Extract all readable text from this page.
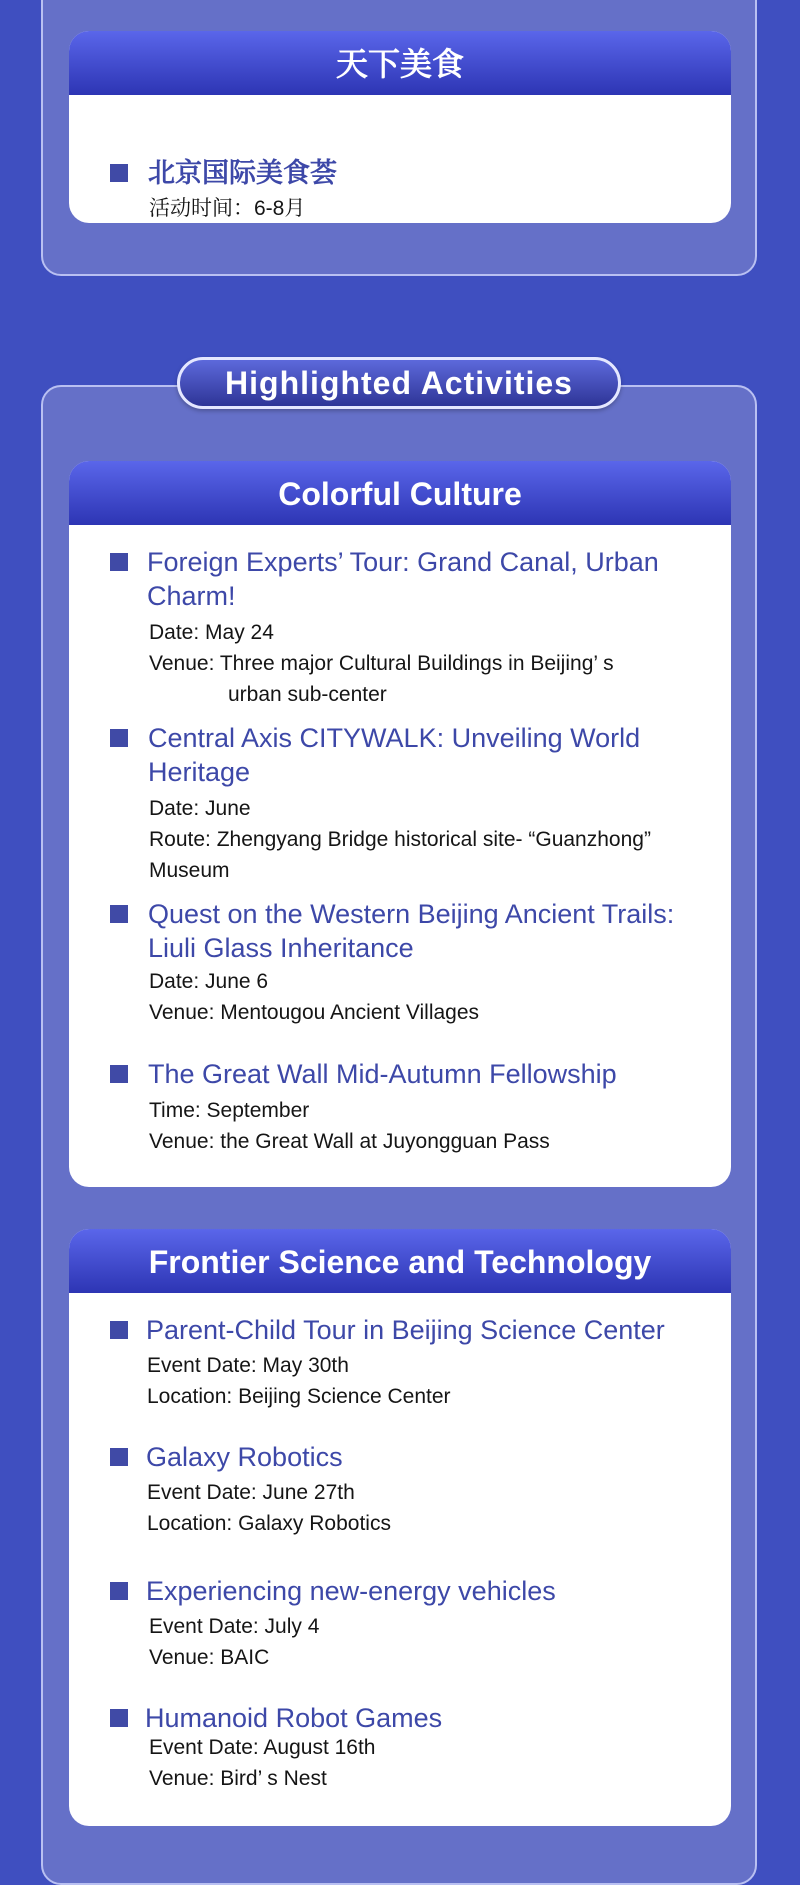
天下美食
北京国际美食荟
活动时间：6-8月
Highlighted Activities
Colorful Culture
Foreign Experts’ Tour: Grand Canal, Urban Charm!
Date: May 24
Venue: Three major Cultural Buildings in Beijing’ s
urban sub-center
Central Axis CITYWALK: Unveiling World Heritage
Date: June
Route: Zhengyang Bridge historical site- “Guanzhong” Museum
Quest on the Western Beijing Ancient Trails: Liuli Glass Inheritance
Date: June 6
Venue: Mentougou Ancient Villages
The Great Wall Mid-Autumn Fellowship
Time: September
Venue: the Great Wall at Juyongguan Pass
Frontier Science and Technology
Parent-Child Tour in Beijing Science Center
Event Date: May 30th
Location: Beijing Science Center
Galaxy Robotics
Event Date: June 27th
Location: Galaxy Robotics
Experiencing new-energy vehicles
Event Date: July 4
Venue: BAIC
Humanoid Robot Games
Event Date: August 16th
Venue: Bird’ s Nest
